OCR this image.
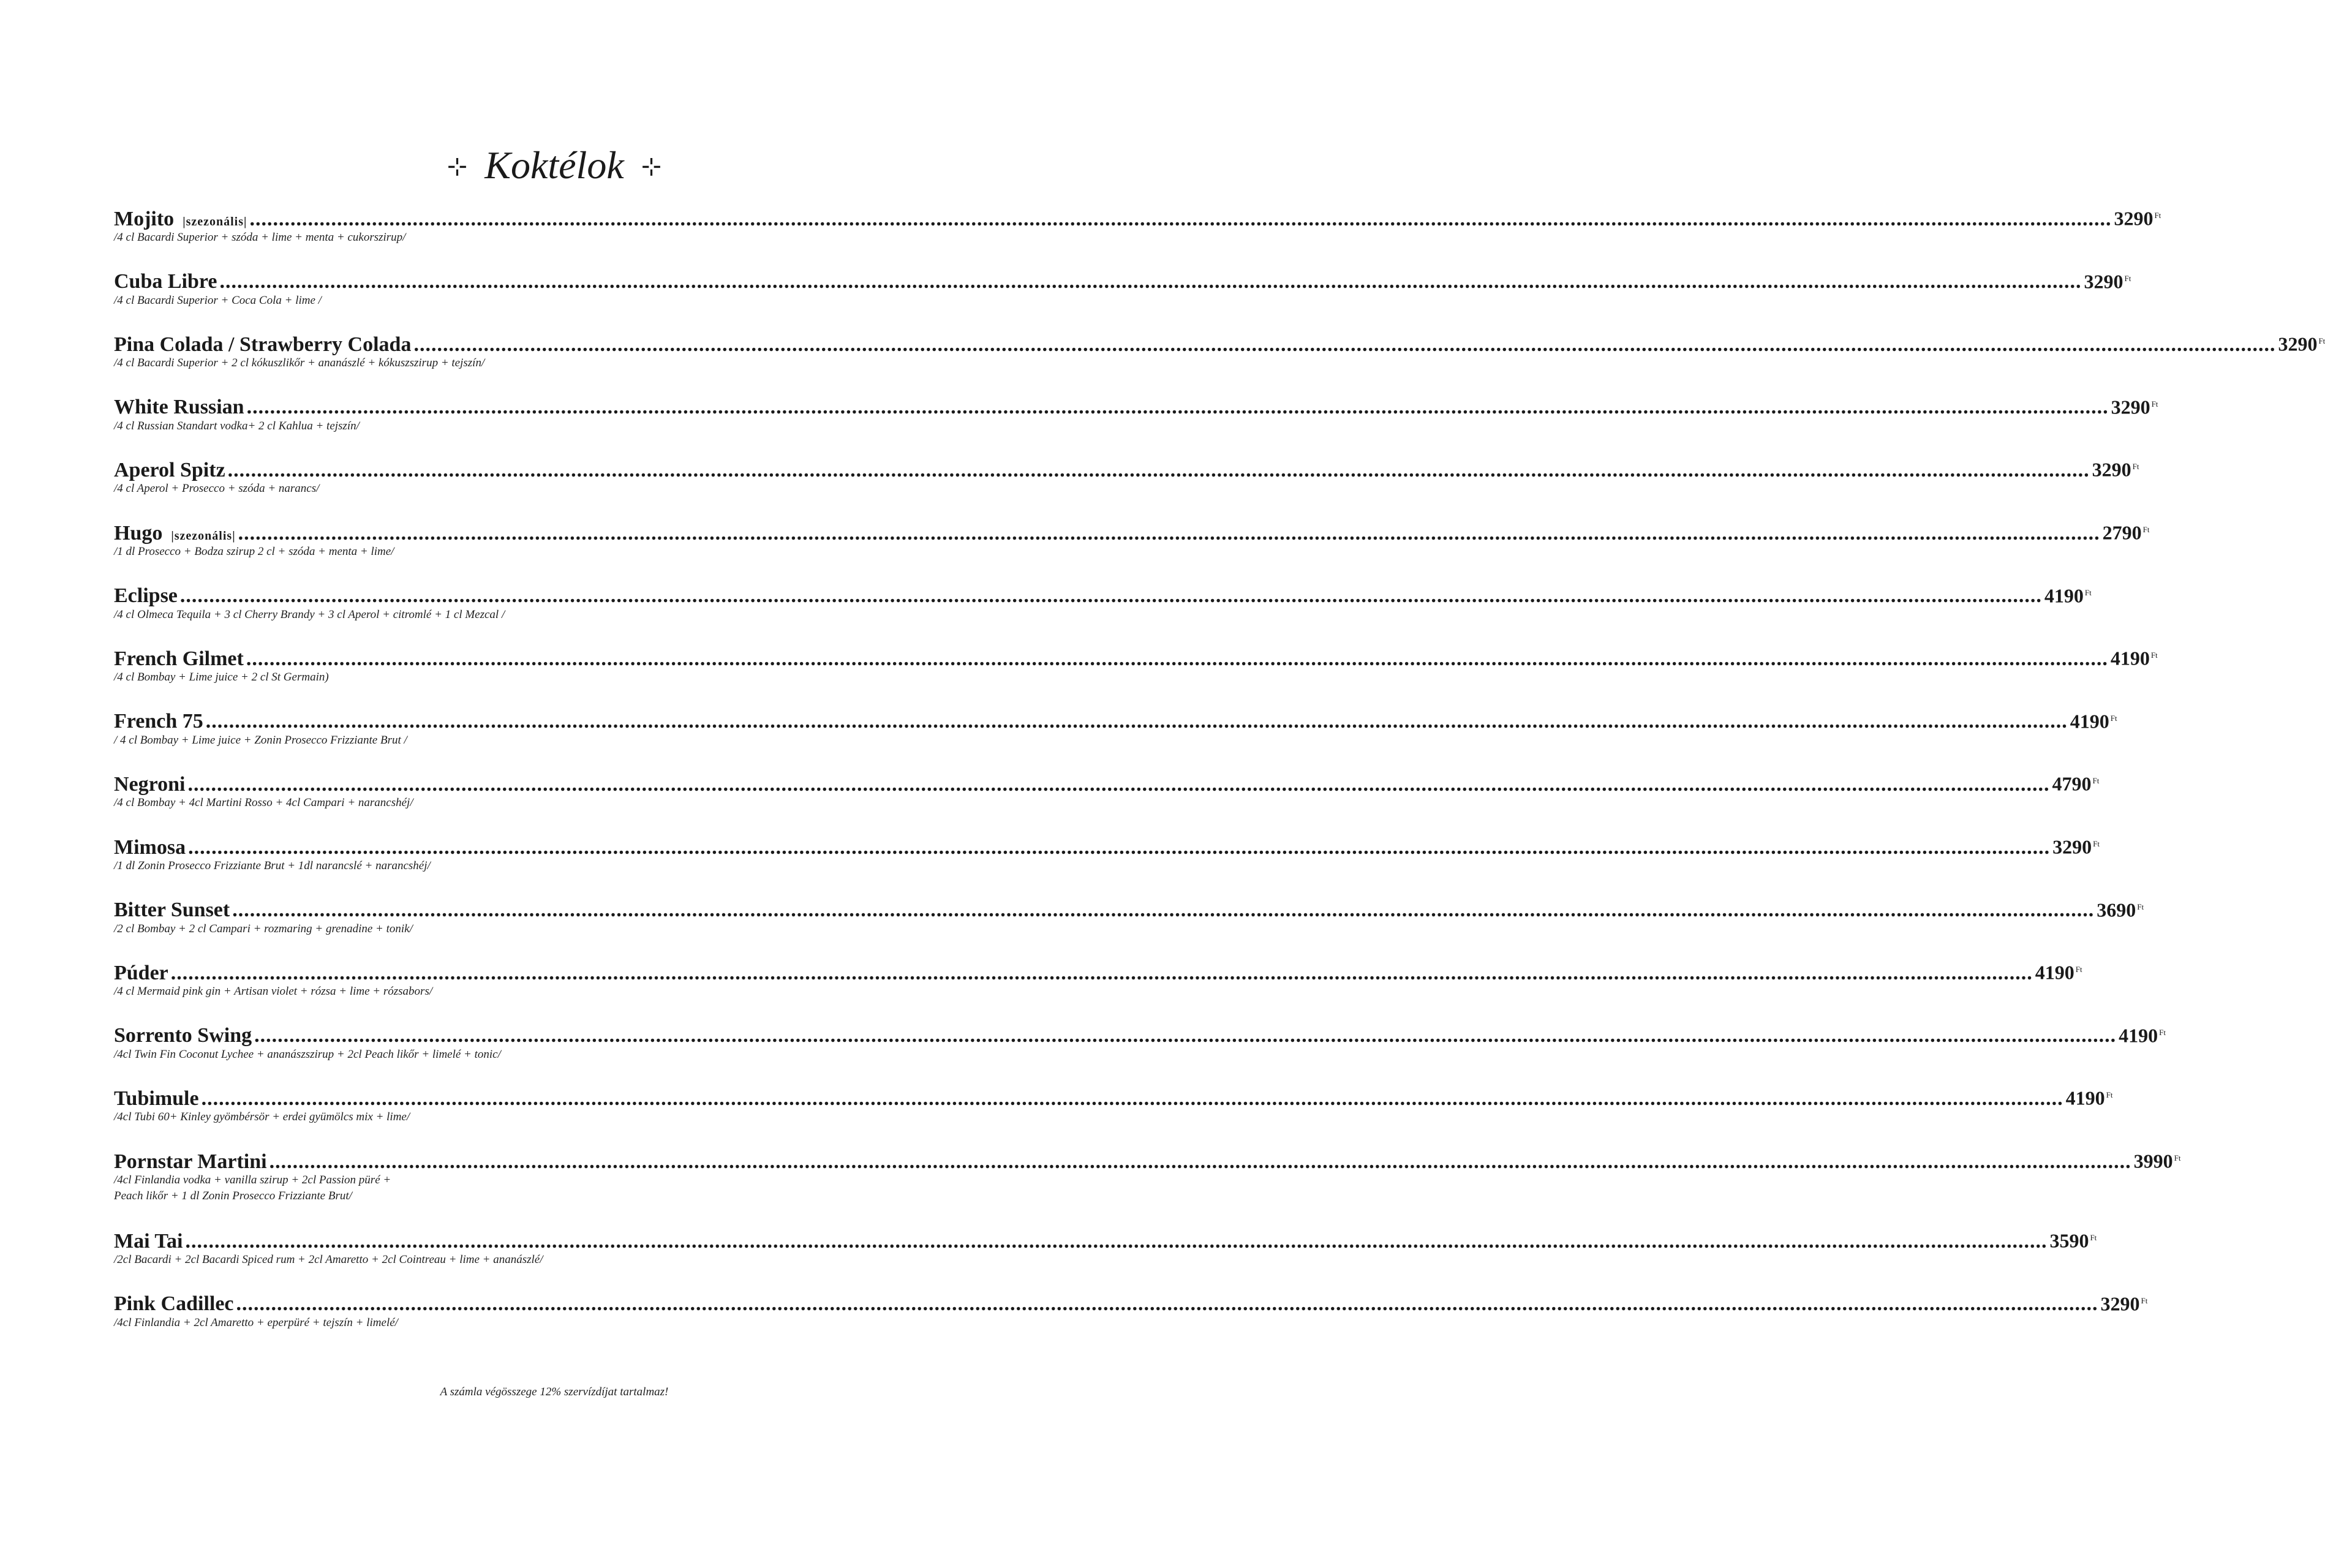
⊹ Koktélok ⊹
Mojito |szezonális| ................................................................................................................................................................................................................................................................................................................................ 3290 $^{Ft}$
/4 cl Bacardi Superior + szóda + lime + menta + cukorszirup/
Cuba Libre ................................................................................................................................................................................................................................................................................................................................ 3290 $^{Ft}$
/4 cl Bacardi Superior + Coca Cola + lime /
Pina Colada / Strawberry Colada ................................................................................................................................................................................................................................................................................................................................ 3290 $^{Ft}$
/4 cl Bacardi Superior + 2 cl kókuszlikőr + ananászlé + kókuszszirup + tejszín/
White Russian ................................................................................................................................................................................................................................................................................................................................ 3290 $^{Ft}$
/4 cl Russian Standart vodka+ 2 cl Kahlua + tejszín/
Aperol Spitz ................................................................................................................................................................................................................................................................................................................................ 3290 $^{Ft}$
/4 cl Aperol + Prosecco + szóda + narancs/
Hugo |szezonális| ................................................................................................................................................................................................................................................................................................................................ 2790 $^{Ft}$
/1 dl Prosecco + Bodza szirup 2 cl + szóda + menta + lime/
Eclipse ................................................................................................................................................................................................................................................................................................................................ 4190 $^{Ft}$
/4 cl Olmeca Tequila + 3 cl Cherry Brandy + 3 cl Aperol + citromlé + 1 cl Mezcal /
French Gilmet ................................................................................................................................................................................................................................................................................................................................ 4190 $^{Ft}$
/4 cl Bombay + Lime juice + 2 cl St Germain)
French 75 ................................................................................................................................................................................................................................................................................................................................ 4190 $^{Ft}$
/ 4 cl Bombay + Lime juice + Zonin Prosecco Frizziante Brut /
Negroni ................................................................................................................................................................................................................................................................................................................................ 4790 $^{Ft}$
/4 cl Bombay + 4cl Martini Rosso + 4cl Campari + narancshéj/
Mimosa ................................................................................................................................................................................................................................................................................................................................ 3290 $^{Ft}$
/1 dl Zonin Prosecco Frizziante Brut + 1dl narancslé + narancshéj/
Bitter Sunset ................................................................................................................................................................................................................................................................................................................................ 3690 $^{Ft}$
/2 cl Bombay + 2 cl Campari + rozmaring + grenadine + tonik/
Púder ................................................................................................................................................................................................................................................................................................................................ 4190 $^{Ft}$
/4 cl Mermaid pink gin + Artisan violet + rózsa + lime + rózsabors/
Sorrento Swing ................................................................................................................................................................................................................................................................................................................................ 4190 $^{Ft}$
/4cl Twin Fin Coconut Lychee + ananászszirup + 2cl Peach likőr + limelé + tonic/
Tubimule ................................................................................................................................................................................................................................................................................................................................ 4190 $^{Ft}$
/4cl Tubi 60+ Kinley gyömbérsör + erdei gyümölcs mix + lime/
Pornstar Martini ................................................................................................................................................................................................................................................................................................................................ 3990 $^{Ft}$
/4cl Finlandia vodka + vanilla szirup + 2cl Passion püré +
Peach likőr + 1 dl Zonin Prosecco Frizziante Brut/
Mai Tai ................................................................................................................................................................................................................................................................................................................................ 3590 $^{Ft}$
/2cl Bacardi + 2cl Bacardi Spiced rum + 2cl Amaretto + 2cl Cointreau + lime + ananászlé/
Pink Cadillec ................................................................................................................................................................................................................................................................................................................................ 3290 $^{Ft}$
/4cl Finlandia + 2cl Amaretto + eperpüré + tejszín + limelé/
A számla végösszege 12% szervízdíjat tartalmaz!
